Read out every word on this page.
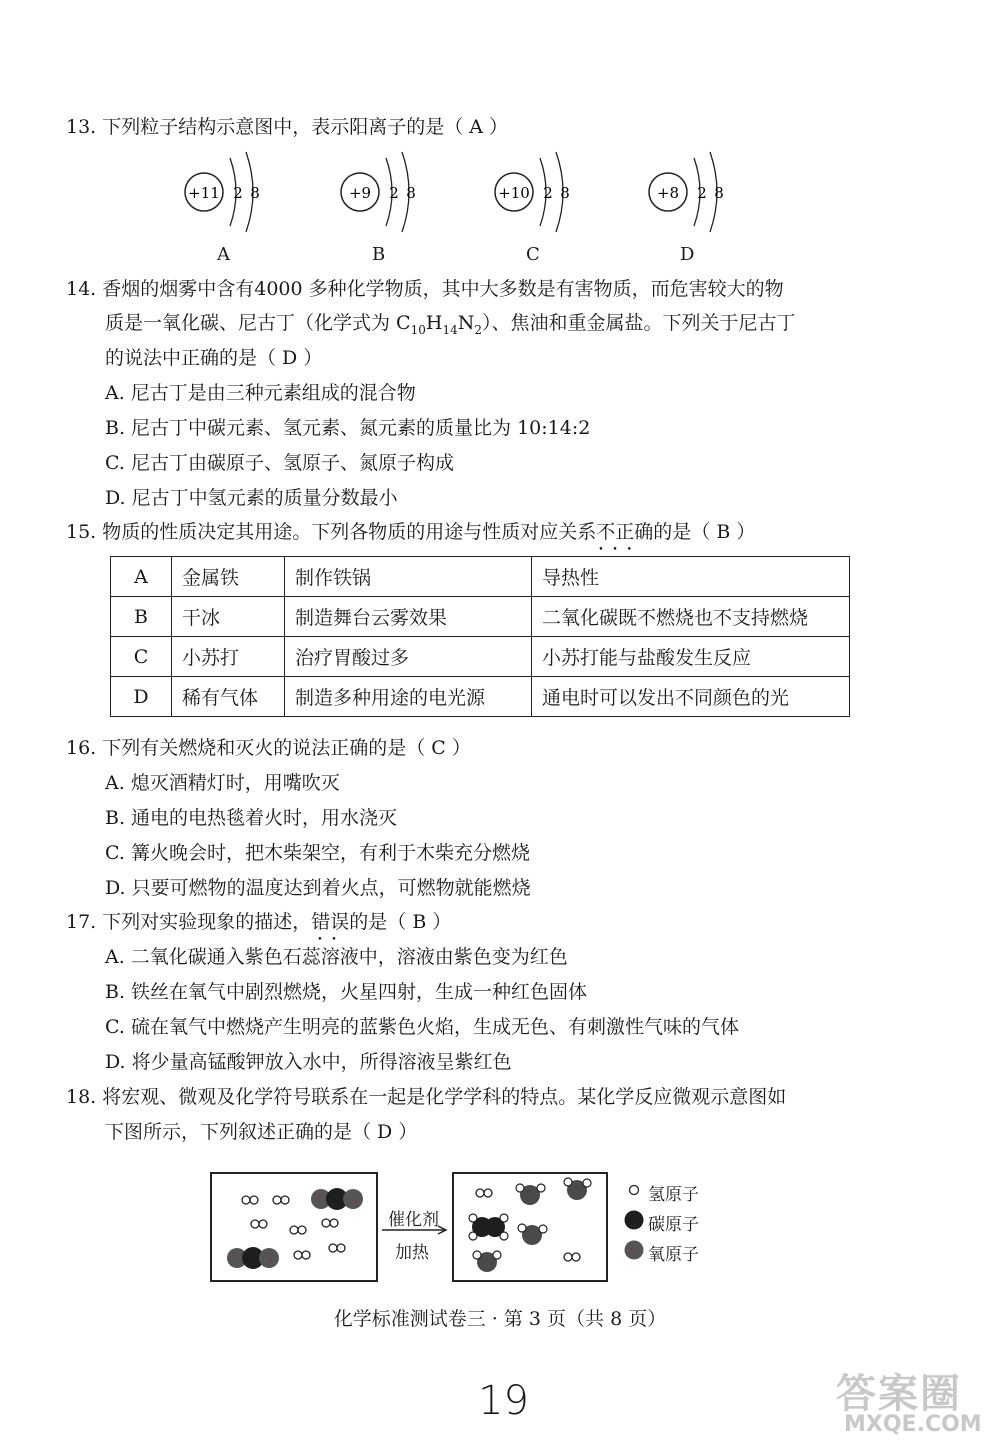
13. 下列粒子结构示意图中，表示阳离子的是（ A ）
+11 2 8
A
+9 2 8
B
+10 2 8
C
+8 2 8
D
14. 香烟的烟雾中含有4000 多种化学物质，其中大多数是有害物质，而危害较大的物
质是一氧化碳、尼古丁（化学式为 $C_{10}H_{14}N_2$）、焦油和重金属盐。下列关于尼古丁
的说法中正确的是（ D ）
A. 尼古丁是由三种元素组成的混合物
B. 尼古丁中碳元素、氢元素、氮元素的质量比为 10:14:2
C. 尼古丁由碳原子、氢原子、氮原子构成
D. 尼古丁中氢元素的质量分数最小
15. 物质的性质决定其用途。下列各物质的用途与性质对应关系不正确 • • •的是（ B ）
A	金属铁	制作铁锅	导热性
B	干冰	制造舞台云雾效果	二氧化碳既不燃烧也不支持燃烧
C	小苏打	治疗胃酸过多	小苏打能与盐酸发生反应
D	稀有气体	制造多种用途的电光源	通电时可以发出不同颜色的光
16. 下列有关燃烧和灭火的说法正确的是（ C ）
A. 熄灭酒精灯时，用嘴吹灭
B. 通电的电热毯着火时，用水浇灭
C. 篝火晚会时，把木柴架空，有利于木柴充分燃烧
D. 只要可燃物的温度达到着火点，可燃物就能燃烧
17. 下列对实验现象的描述，错误 • •的是（ B ）
A. 二氧化碳通入紫色石蕊溶液中，溶液由紫色变为红色
B. 铁丝在氧气中剧烈燃烧，火星四射，生成一种红色固体
C. 硫在氧气中燃烧产生明亮的蓝紫色火焰，生成无色、有刺激性气味的气体
D. 将少量高锰酸钾放入水中，所得溶液呈紫红色
18. 将宏观、微观及化学符号联系在一起是化学学科的特点。某化学反应微观示意图如
下图所示，下列叙述正确的是（ D ）
催化剂
加热
氢原子
碳原子
氧原子
化学标准测试卷三 · 第 3 页（共 8 页）
19	答案圈
MXQE.COM
